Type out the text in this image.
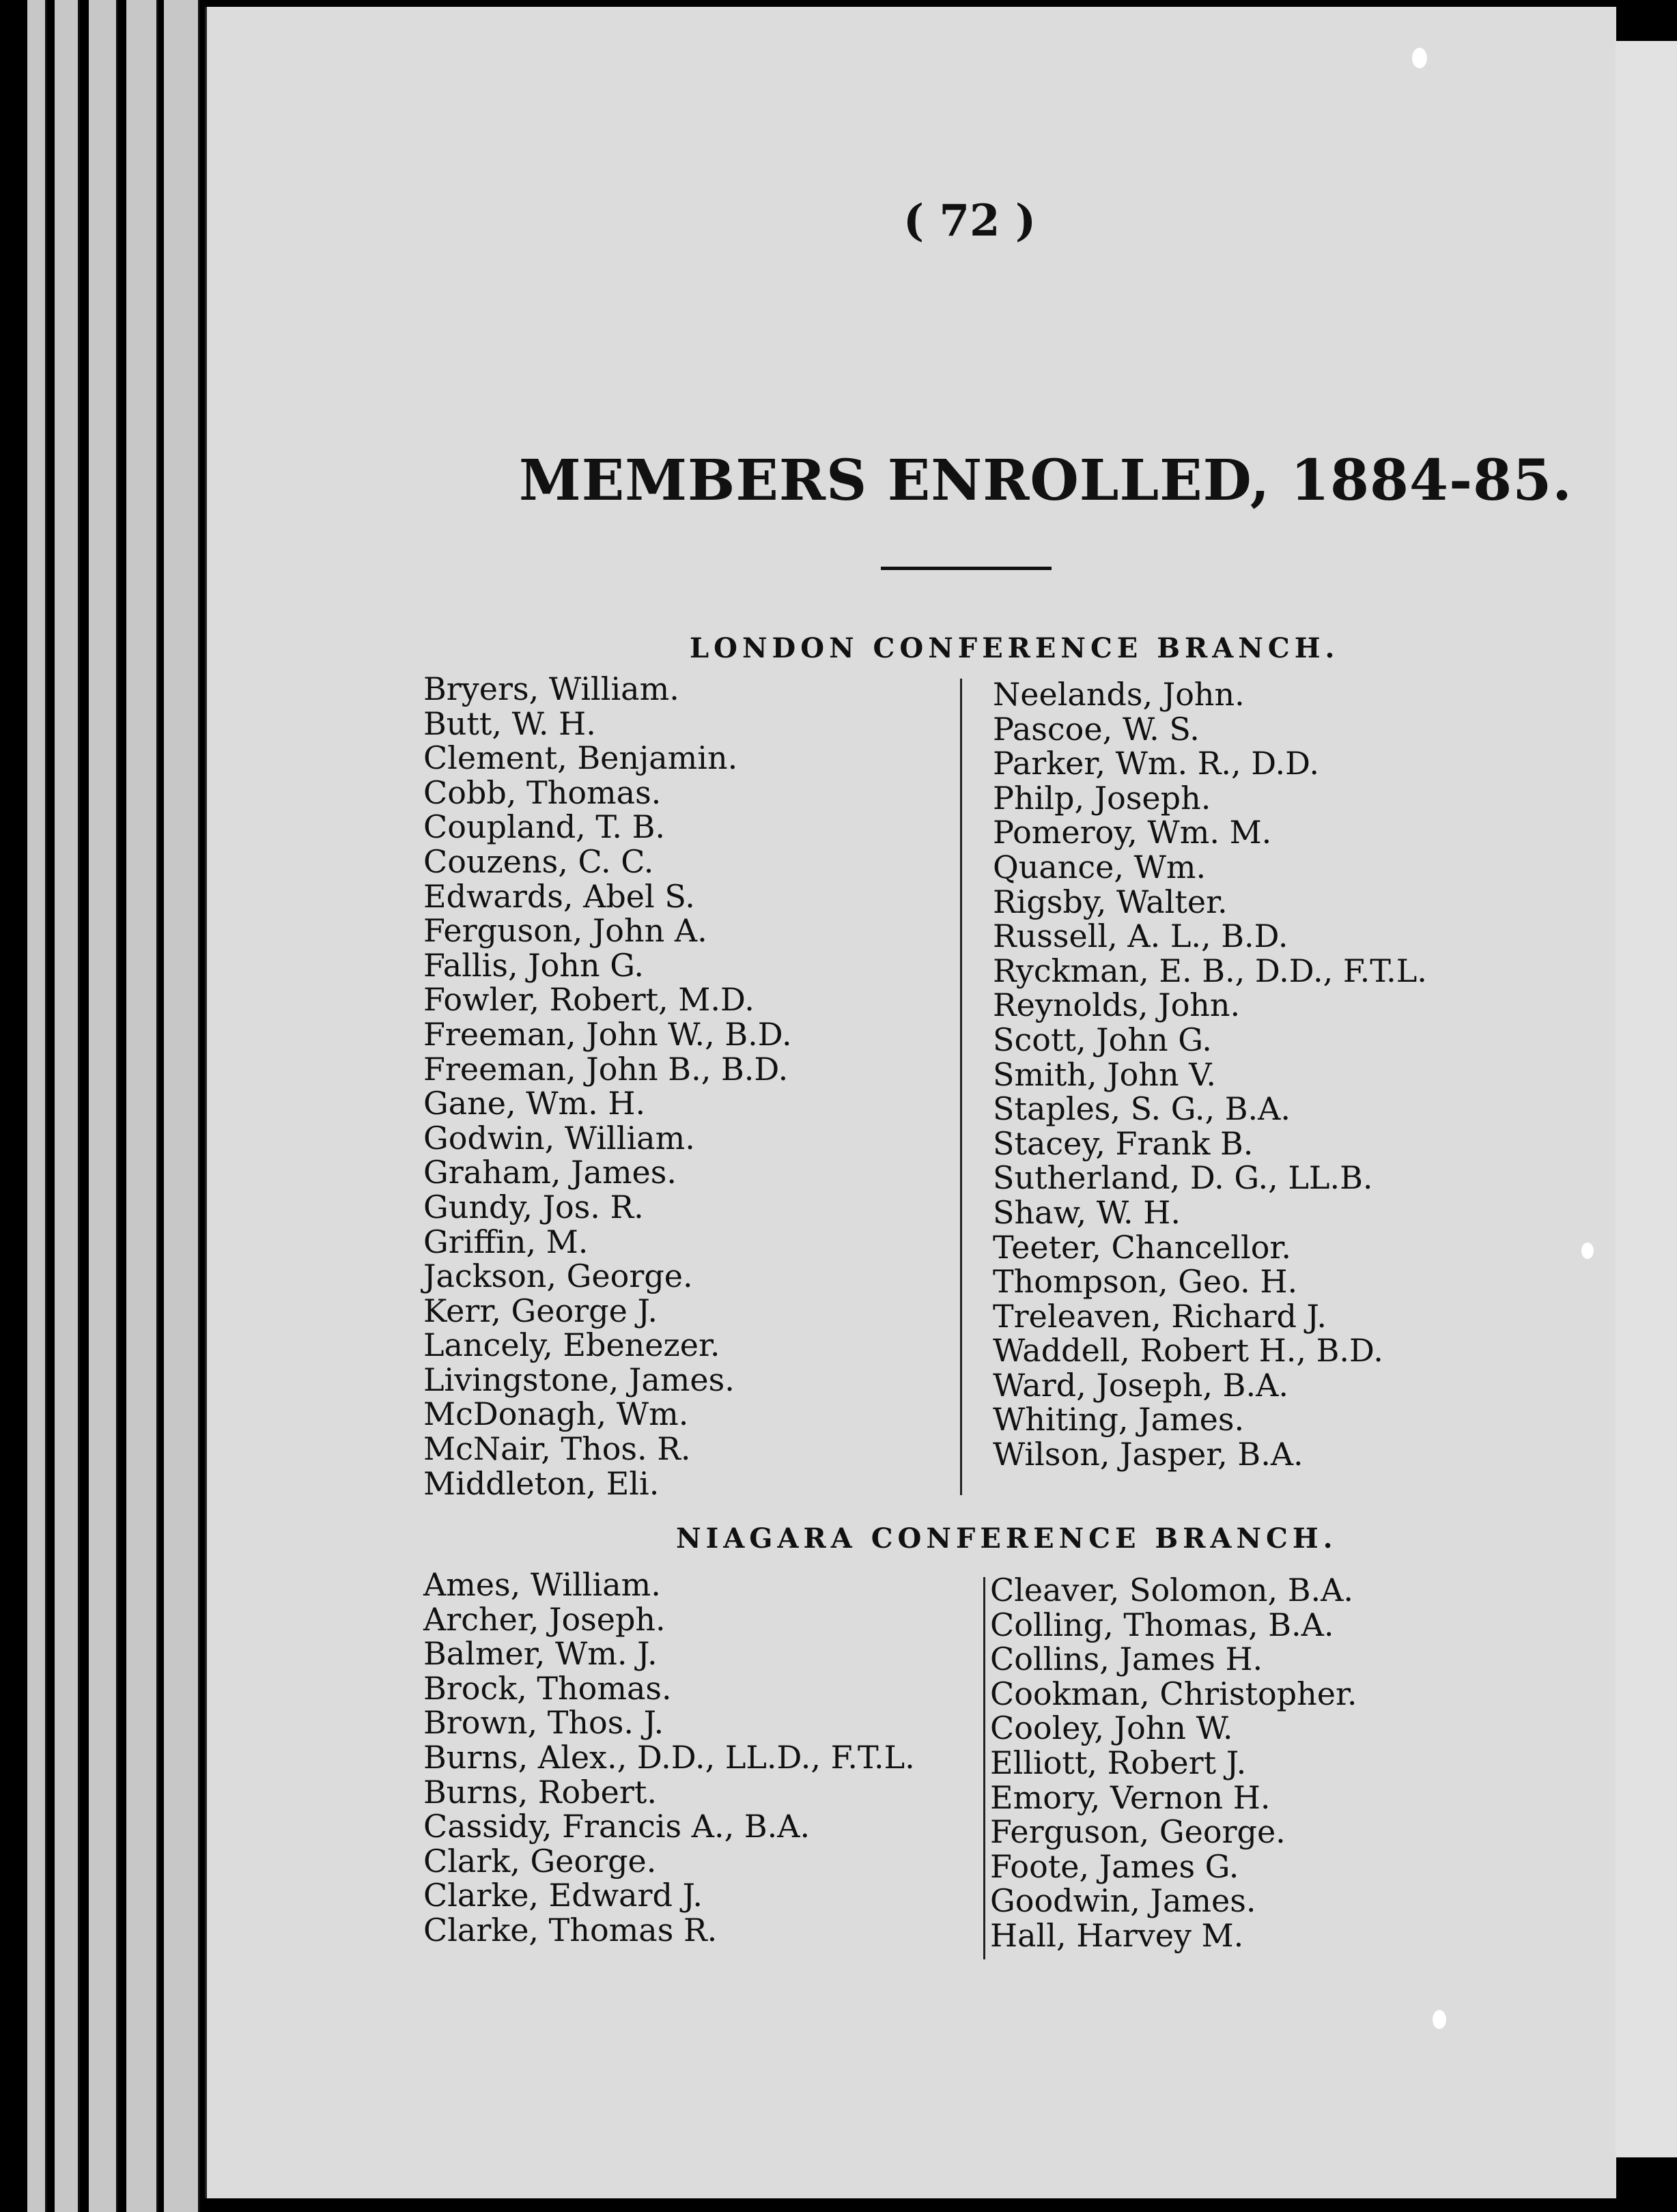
( 72 )
MEMBERS ENROLLED, 1884-85.
LONDON CONFERENCE BRANCH.
Bryers, William.
Butt, W. H.
Clement, Benjamin.
Cobb, Thomas.
Coupland, T. B.
Couzens, C. C.
Edwards, Abel S.
Ferguson, John A.
Fallis, John G.
Fowler, Robert, M.D.
Freeman, John W., B.D.
Freeman, John B., B.D.
Gane, Wm. H.
Godwin, William.
Graham, James.
Gundy, Jos. R.
Griffin, M.
Jackson, George.
Kerr, George J.
Lancely, Ebenezer.
Livingstone, James.
McDonagh, Wm.
McNair, Thos. R.
Middleton, Eli.
Neelands, John.
Pascoe, W. S.
Parker, Wm. R., D.D.
Philp, Joseph.
Pomeroy, Wm. M.
Quance, Wm.
Rigsby, Walter.
Russell, A. L., B.D.
Ryckman, E. B., D.D., F.T.L.
Reynolds, John.
Scott, John G.
Smith, John V.
Staples, S. G., B.A.
Stacey, Frank B.
Sutherland, D. G., LL.B.
Shaw, W. H.
Teeter, Chancellor.
Thompson, Geo. H.
Treleaven, Richard J.
Waddell, Robert H., B.D.
Ward, Joseph, B.A.
Whiting, James.
Wilson, Jasper, B.A.
NIAGARA CONFERENCE BRANCH.
Ames, William.
Archer, Joseph.
Balmer, Wm. J.
Brock, Thomas.
Brown, Thos. J.
Burns, Alex., D.D., LL.D., F.T.L.
Burns, Robert.
Cassidy, Francis A., B.A.
Clark, George.
Clarke, Edward J.
Clarke, Thomas R.
Cleaver, Solomon, B.A.
Colling, Thomas, B.A.
Collins, James H.
Cookman, Christopher.
Cooley, John W.
Elliott, Robert J.
Emory, Vernon H.
Ferguson, George.
Foote, James G.
Goodwin, James.
Hall, Harvey M.
